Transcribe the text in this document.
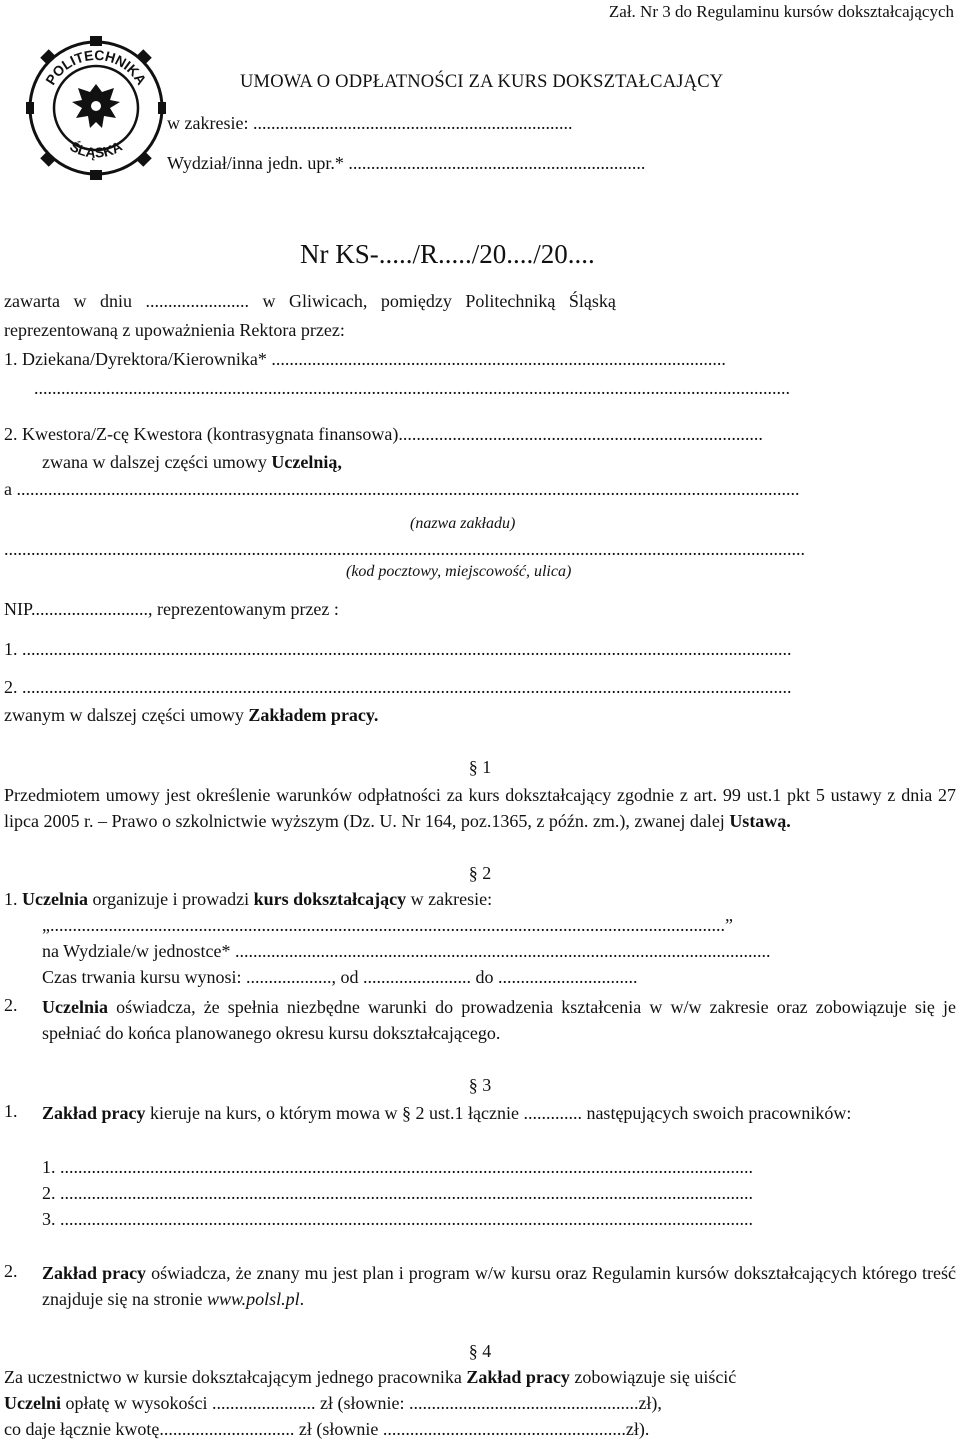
Zał. Nr 3 do Regulaminu kursów dokształcających
POLITECHNIKA
ŚLĄSKA
UMOWA O ODPŁATNOŚCI ZA KURS DOKSZTAŁCAJĄCY
w zakresie: .......................................................................
Wydział/inna jedn. upr.* ..................................................................
Nr KS-...../R...../20..../20....
zawarta w dniu ....................... w Gliwicach, pomiędzy Politechniką Śląską
reprezentowaną z upoważnienia Rektora przez:
1. Dziekana/Dyrektora/Kierownika* .....................................................................................................
........................................................................................................................................................................
2. Kwestora/Z-cę Kwestora (kontrasygnata finansowa).................................................................................
zwana w dalszej części umowy Uczelnią,
a ..............................................................................................................................................................................
(nazwa zakładu)
..................................................................................................................................................................................
(kod pocztowy, miejscowość, ulica)
NIP.........................., reprezentowanym przez :
1. ...........................................................................................................................................................................
2. ...........................................................................................................................................................................
zwanym w dalszej części umowy Zakładem pracy.
§ 1
Przedmiotem umowy jest określenie warunków odpłatności za kurs dokształcający zgodnie z art. 99 ust.1 pkt 5 ustawy z dnia 27 lipca 2005 r. – Prawo o szkolnictwie wyższym (Dz. U. Nr 164, poz.1365, z późn. zm.), zwanej dalej Ustawą.
§ 2
1. Uczelnia organizuje i prowadzi kurs dokształcający w zakresie:
„......................................................................................................................................................”
na Wydziale/w jednostce* .......................................................................................................................
Czas trwania kursu wynosi: ..................., od ........................ do ...............................
2. Uczelnia oświadcza, że spełnia niezbędne warunki do prowadzenia kształcenia w w/w zakresie oraz zobowiązuje się je spełniać do końca planowanego okresu kursu dokształcającego.
§ 3
1. Zakład pracy kieruje na kurs, o którym mowa w § 2 ust.1 łącznie ............. następujących swoich pracowników:
1. ..........................................................................................................................................................
2. ..........................................................................................................................................................
3. ..........................................................................................................................................................
2. Zakład pracy oświadcza, że znany mu jest plan i program w/w kursu oraz Regulamin kursów dokształcających którego treść znajduje się na stronie www.polsl.pl.
§ 4
Za uczestnictwo w kursie dokształcającym jednego pracownika Zakład pracy zobowiązuje się uiścić
Uczelni opłatę w wysokości ....................... zł (słownie: ...................................................zł),
co daje łącznie kwotę.............................. zł (słownie ......................................................zł).
